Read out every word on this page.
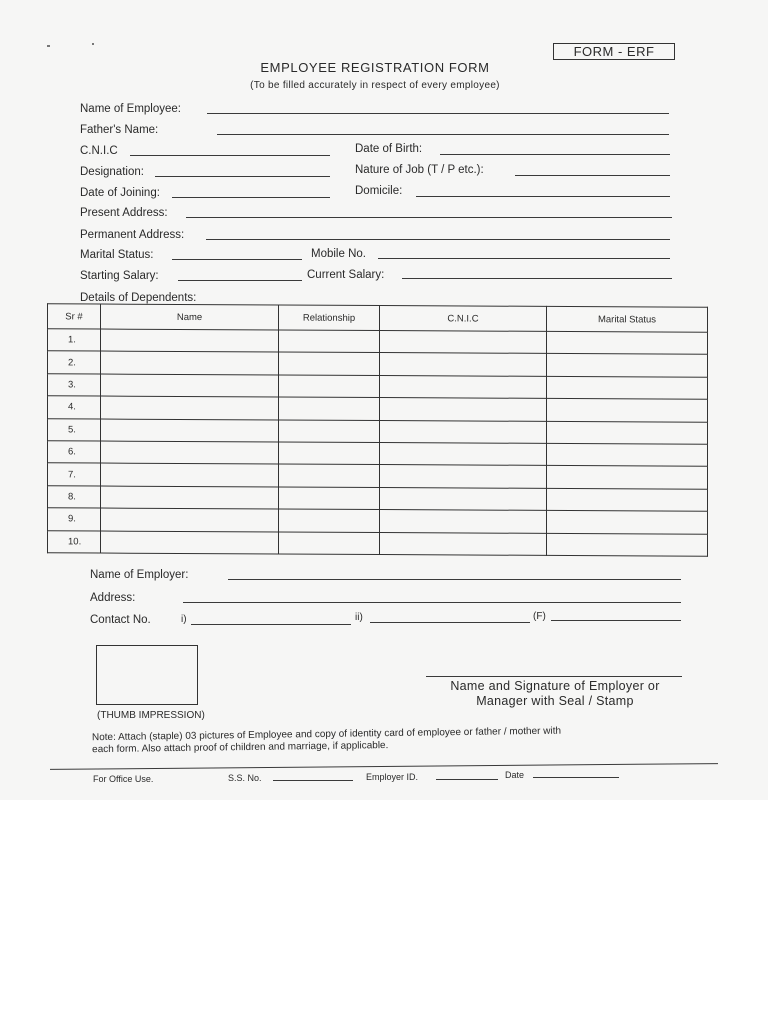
FORM - ERF
EMPLOYEE REGISTRATION FORM
(To be filled accurately in respect of every employee)
Name of Employee:
Father's Name:
C.N.I.C	Date of Birth:
Designation:	Nature of Job (T / P etc.):
Date of Joining:	Domicile:
Present Address:
Permanent Address:
Marital Status:	Mobile No.
Starting Salary:	Current Salary:
Details of Dependents:
Sr #	Name	Relationship	C.N.I.C	Marital Status
1.				
2.				
3.				
4.				
5.				
6.				
7.				
8.				
9.				
10.				
Name of Employer:
Address:
Contact No.	i)	ii)	(F)
(THUMB IMPRESSION)
Name and Signature of Employer or
Manager with Seal / Stamp
Note: Attach (staple) 03 pictures of Employee and copy of identity card of employee or father / mother with
each form. Also attach proof of children and marriage, if applicable.
For Office Use.	S.S. No.	Employer ID.	Date
